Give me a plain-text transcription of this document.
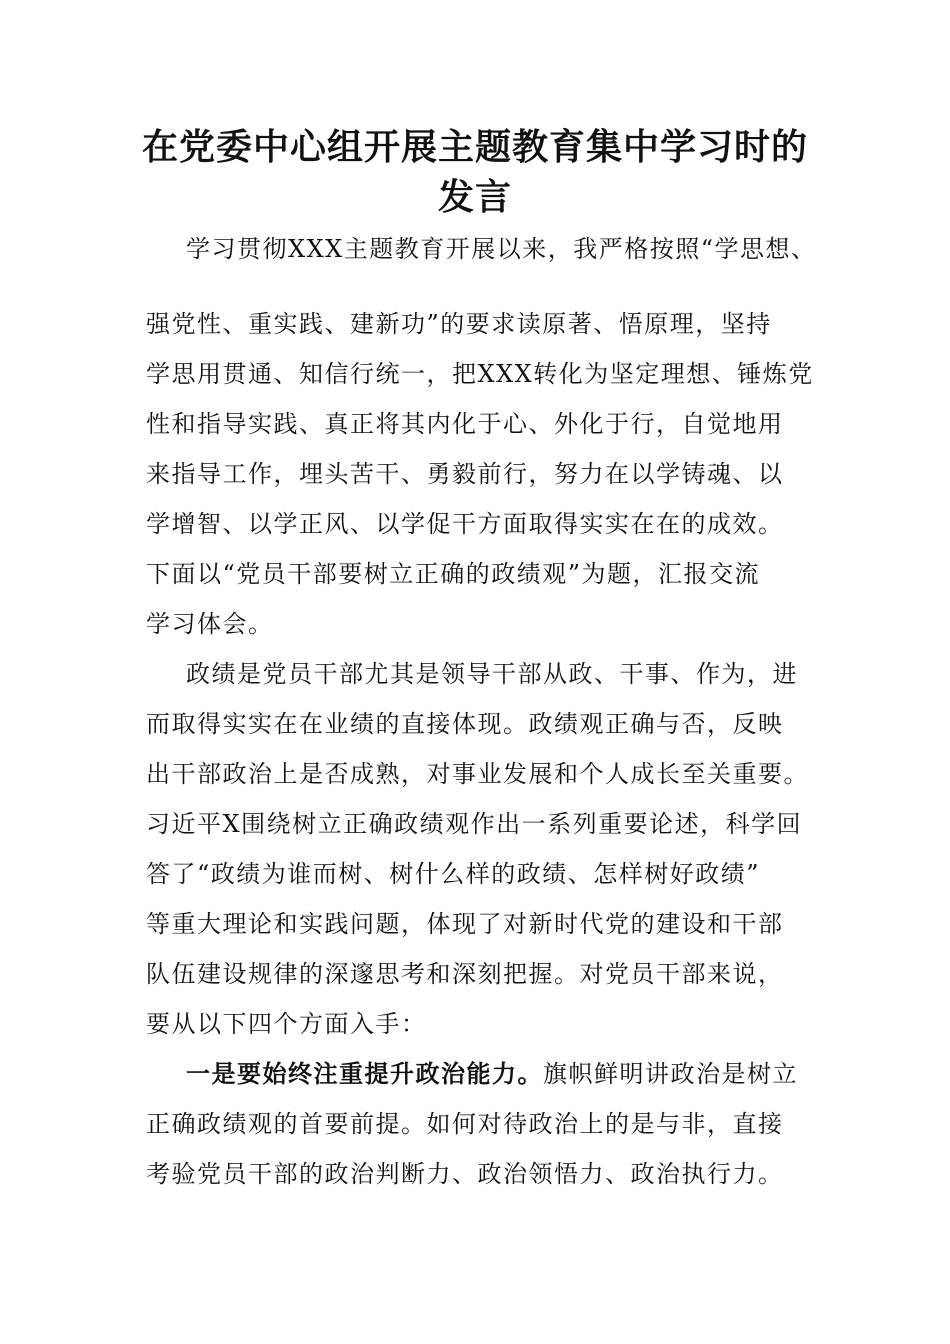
在党委中心组开展主题教育集中学习时的
发言
学习贯彻XXX主题教育开展以来，我严格按照“学思想、
强党性、重实践、建新功”的要求读原著、悟原理，坚持
学思用贯通、知信行统一，把XXX转化为坚定理想、锤炼党
性和指导实践、真正将其内化于心、外化于行，自觉地用
来指导工作，埋头苦干、勇毅前行，努力在以学铸魂、以
学增智、以学正风、以学促干方面取得实实在在的成效。
下面以“党员干部要树立正确的政绩观”为题，汇报交流
学习体会。
政绩是党员干部尤其是领导干部从政、干事、作为，进
而取得实实在在业绩的直接体现。政绩观正确与否，反映
出干部政治上是否成熟，对事业发展和个人成长至关重要。
习近平X围绕树立正确政绩观作出一系列重要论述，科学回
答了“政绩为谁而树、树什么样的政绩、怎样树好政绩”
等重大理论和实践问题，体现了对新时代党的建设和干部
队伍建设规律的深邃思考和深刻把握。对党员干部来说，
要从以下四个方面入手：
一是要始终注重提升政治能力。旗帜鲜明讲政治是树立
正确政绩观的首要前提。如何对待政治上的是与非，直接
考验党员干部的政治判断力、政治领悟力、政治执行力。
